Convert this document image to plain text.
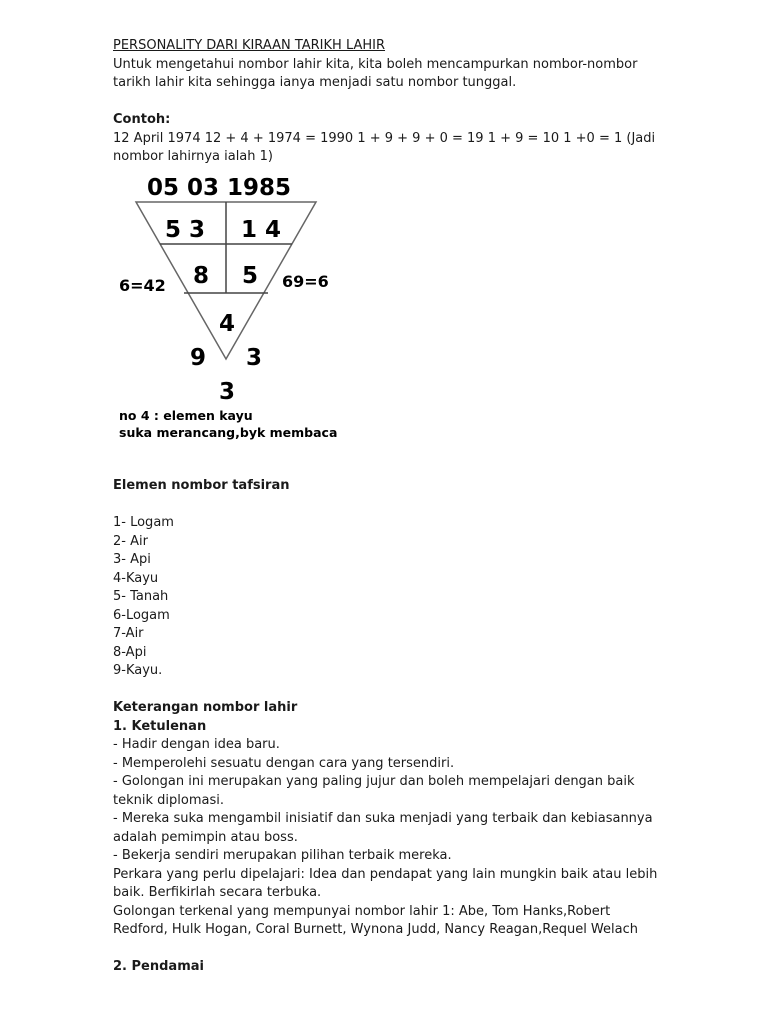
PERSONALITY DARI KIRAAN TARIKH LAHIR

Untuk mengetahui nombor lahir kita, kita boleh mencampurkan nombor-nombor tarikh lahir kita sehingga ianya menjadi satu nombor tunggal.

Contoh:

12 April 1974 12 + 4 + 1974 = 1990 1 + 9 + 9 + 0 = 19 1 + 9 = 10 1 +0 = 1 (Jadi nombor lahirnya ialah 1)

05 03 1985
5 3 1 4
8 5
6=42	69=6
4
9 3
3
no 4 : elemen kayu
suka merancang,byk membaca

Elemen nombor tafsiran

1- Logam
2- Air
3- Api
4-Kayu
5- Tanah
6-Logam
7-Air
8-Api
9-Kayu.

Keterangan nombor lahir

1. Ketulenan

- Hadir dengan idea baru.

- Memperolehi sesuatu dengan cara yang tersendiri.

- Golongan ini merupakan yang paling jujur dan boleh mempelajari dengan baik teknik diplomasi.

- Mereka suka mengambil inisiatif dan suka menjadi yang terbaik dan kebiasannya adalah pemimpin atau boss.

- Bekerja sendiri merupakan pilihan terbaik mereka.

Perkara yang perlu dipelajari: Idea dan pendapat yang lain mungkin baik atau lebih baik. Berfikirlah secara terbuka.

Golongan terkenal yang mempunyai nombor lahir 1: Abe, Tom Hanks,Robert Redford, Hulk Hogan, Coral Burnett, Wynona Judd, Nancy Reagan,Requel Welach

2. Pendamai
